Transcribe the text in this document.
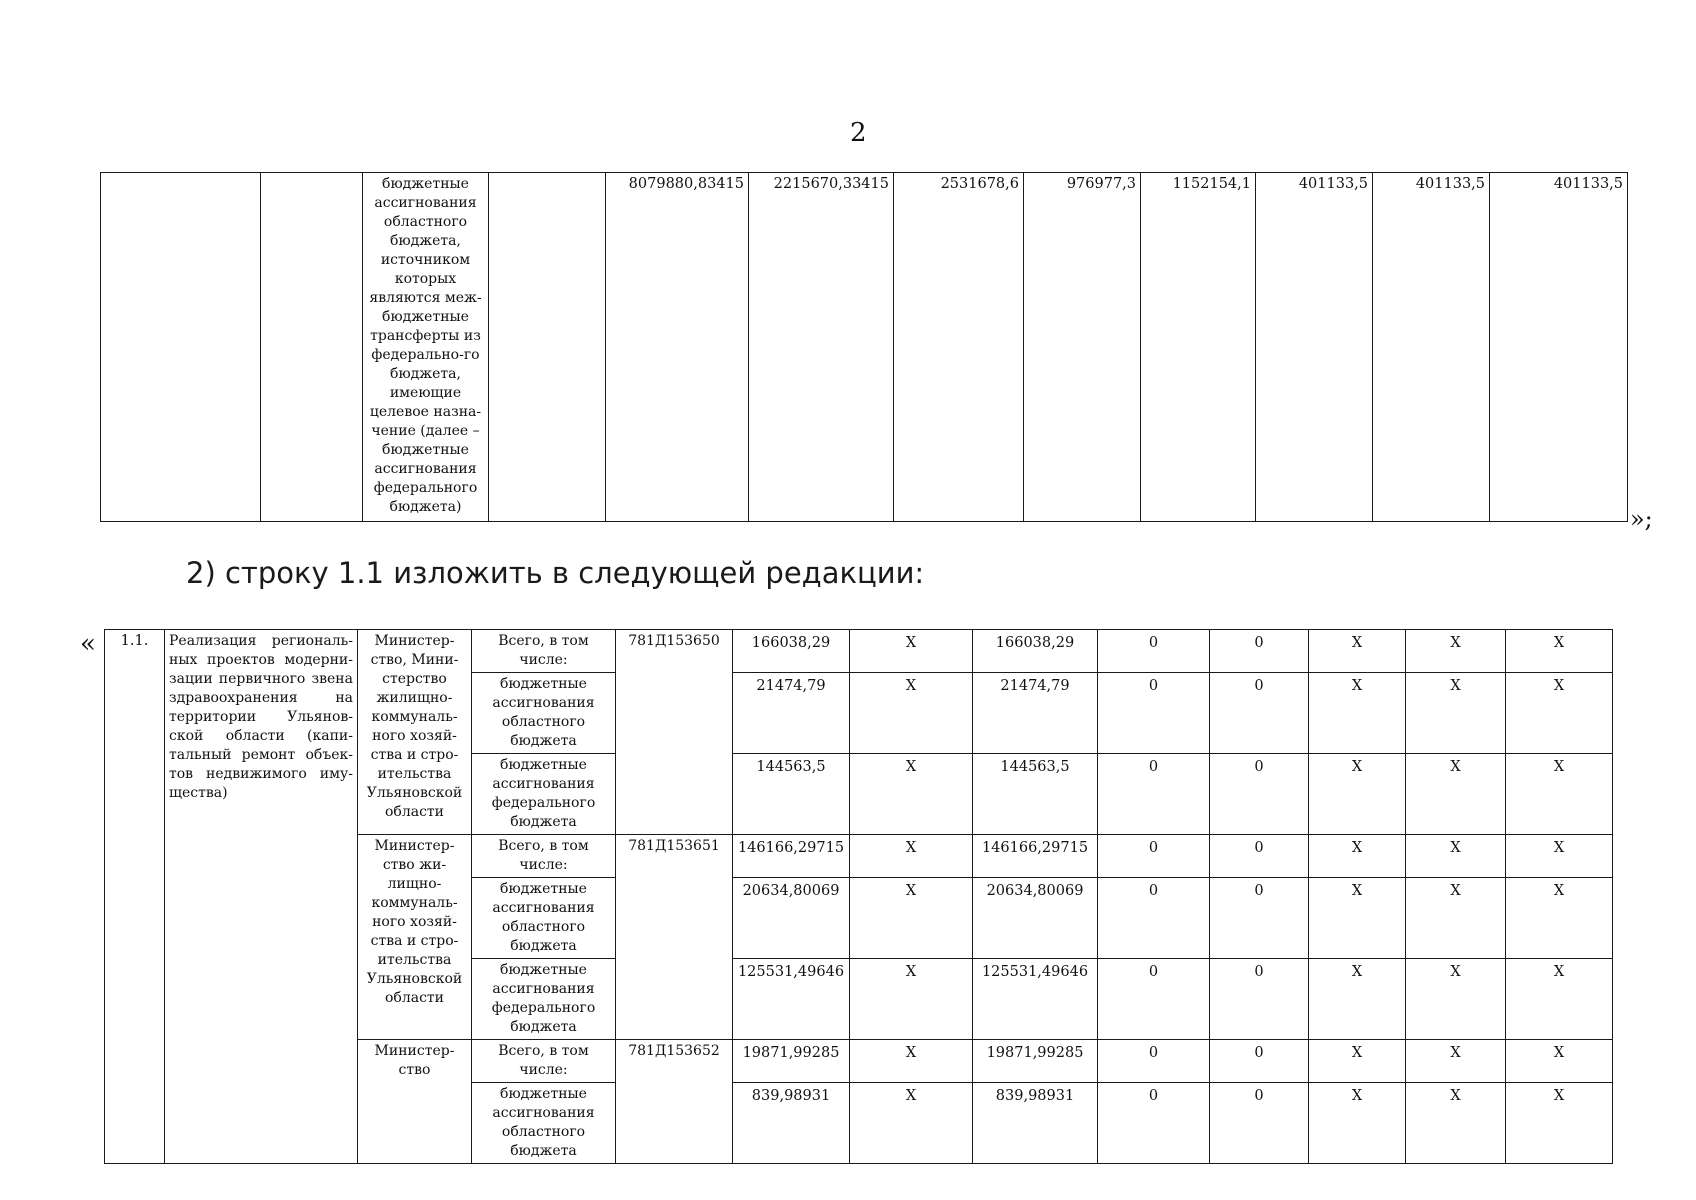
2
		бюджетные ассигнования областного бюджета, источником которых являются меж-бюджетные трансферты из федерально-го бюджета, имеющие целевое назна-чение (далее – бюджетные ассигнования федерального бюджета)		8079880,83415	2215670,33415	2531678,6	976977,3	1152154,1	401133,5	401133,5	401133,5
»;
2) строку 1.1 изложить в следующей редакции:
« 1.1.	Реализация региональ-ных проектов модерни-зации первичного звена здравоохранения на территории Ульянов-ской области (капи-тальный ремонт объек-тов недвижимого иму-щества)	Министер-ство, Мини-стерство жилищно-коммуналь-ного хозяй-ства и стро-ительства Ульяновской области	Всего, в том числе:	781Д153650	166038,29	X	166038,29	0	0	X	X	X
			бюджетные ассигнования областного бюджета		21474,79	X	21474,79	0	0	X	X	X
			бюджетные ассигнования федерального бюджета		144563,5	X	144563,5	0	0	X	X	X
		Министер-ство жи-лищно-коммуналь-ного хозяй-ства и стро-ительства Ульяновской области	Всего, в том числе:	781Д153651	146166,29715	X	146166,29715	0	0	X	X	X
			бюджетные ассигнования областного бюджета		20634,80069	X	20634,80069	0	0	X	X	X
			бюджетные ассигнования федерального бюджета		125531,49646	X	125531,49646	0	0	X	X	X
		Министер-ство	Всего, в том числе:	781Д153652	19871,99285	X	19871,99285	0	0	X	X	X
			бюджетные ассигнования областного бюджета		839,98931	X	839,98931	0	0	X	X	X
